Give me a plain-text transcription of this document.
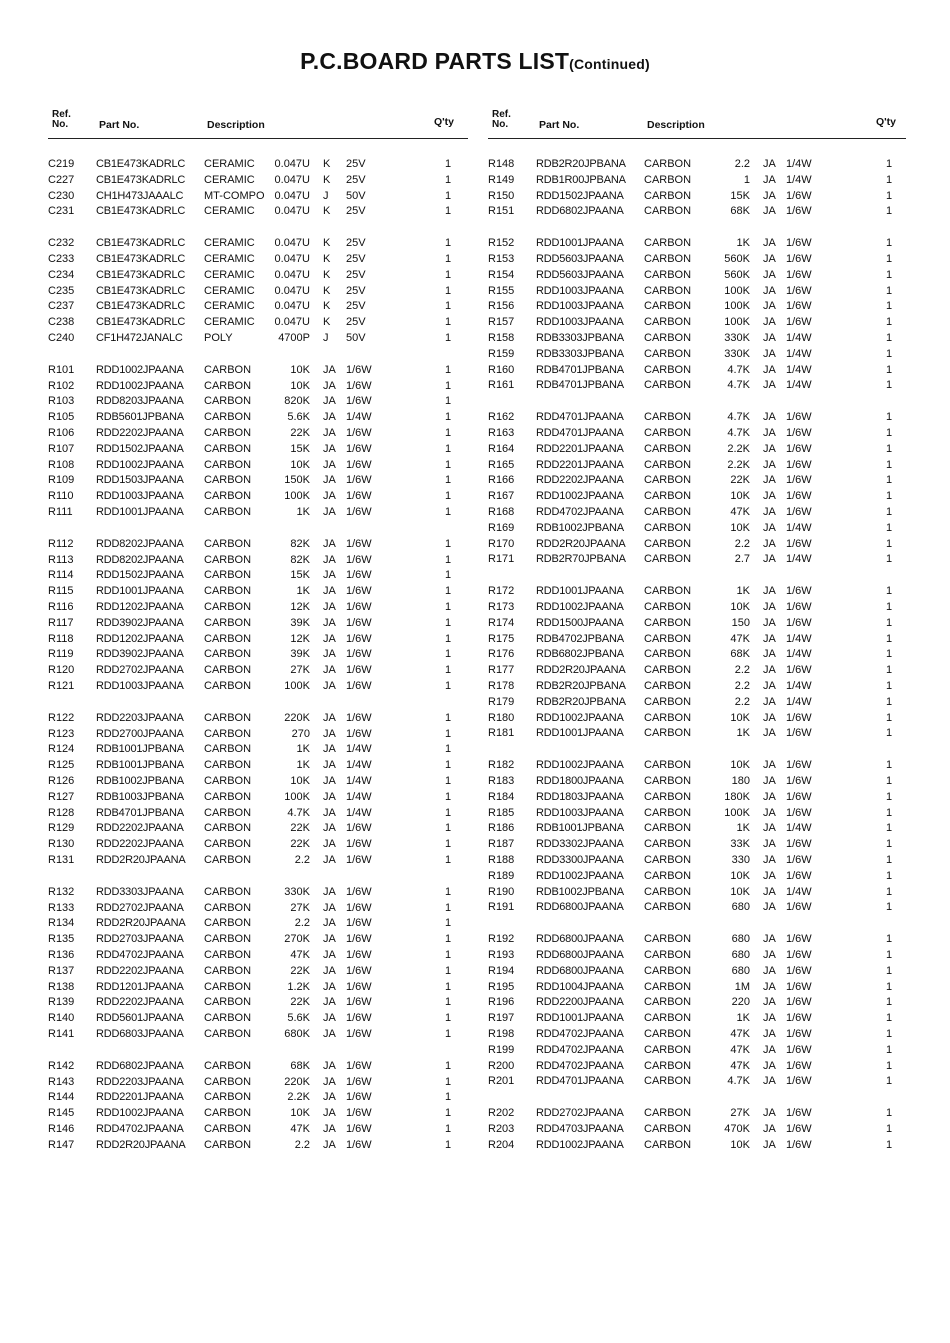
P.C.BOARD PARTS LIST(Continued)
Ref. No.	Part No.	Description	Q'ty
C219 CB1E473KADRLC CERAMIC	0.047U K 25V	1
C227 CB1E473KADRLC CERAMIC	0.047U K 25V	1
C230 CH1H473JAAALC MT-COMPO 0.047U J 50V	1
C231 CB1E473KADRLC CERAMIC	0.047U K 25V	1
C232 CB1E473KADRLC CERAMIC	0.047U K 25V	1
C233 CB1E473KADRLC CERAMIC	0.047U K 25V	1
C234 CB1E473KADRLC CERAMIC	0.047U K 25V	1
C235 CB1E473KADRLC CERAMIC	0.047U K 25V	1
C237 CB1E473KADRLC CERAMIC	0.047U K 25V	1
C238 CB1E473KADRLC CERAMIC	0.047U K 25V	1
C240 CF1H472JANALC POLY	4700P J 50V	1
R101 RDD1002JPAANA CARBON	10K JA 1/6W	1
R102 RDD1002JPAANA CARBON	10K JA 1/6W	1
R103 RDD8203JPAANA CARBON	820K JA 1/6W	1
R105 RDB5601JPBANA CARBON	5.6K JA 1/4W	1
R106 RDD2202JPAANA CARBON	22K JA 1/6W	1
R107 RDD1502JPAANA CARBON	15K JA 1/6W	1
R108 RDD1002JPAANA CARBON	10K JA 1/6W	1
R109 RDD1503JPAANA CARBON	150K JA 1/6W	1
R110 RDD1003JPAANA CARBON	100K JA 1/6W	1
R111 RDD1001JPAANA CARBON	1K JA 1/6W	1
R112 RDD8202JPAANA CARBON	82K JA 1/6W	1
R113 RDD8202JPAANA CARBON	82K JA 1/6W	1
R114 RDD1502JPAANA CARBON	15K JA 1/6W	1
R115 RDD1001JPAANA CARBON	1K JA 1/6W	1
R116 RDD1202JPAANA CARBON	12K JA 1/6W	1
R117 RDD3902JPAANA CARBON	39K JA 1/6W	1
R118 RDD1202JPAANA CARBON	12K JA 1/6W	1
R119 RDD3902JPAANA CARBON	39K JA 1/6W	1
R120 RDD2702JPAANA CARBON	27K JA 1/6W	1
R121 RDD1003JPAANA CARBON	100K JA 1/6W	1
R122 RDD2203JPAANA CARBON	220K JA 1/6W	1
R123 RDD2700JPAANA CARBON	270 JA 1/6W	1
R124 RDB1001JPBANA CARBON	1K JA 1/4W	1
R125 RDB1001JPBANA CARBON	1K JA 1/4W	1
R126 RDB1002JPBANA CARBON	10K JA 1/4W	1
R127 RDB1003JPBANA CARBON	100K JA 1/4W	1
R128 RDB4701JPBANA CARBON	4.7K JA 1/4W	1
R129 RDD2202JPAANA CARBON	22K JA 1/6W	1
R130 RDD2202JPAANA CARBON	22K JA 1/6W	1
R131 RDD2R20JPAANA CARBON	2.2 JA 1/6W	1
R132 RDD3303JPAANA CARBON	330K JA 1/6W	1
R133 RDD2702JPAANA CARBON	27K JA 1/6W	1
R134 RDD2R20JPAANA CARBON	2.2 JA 1/6W	1
R135 RDD2703JPAANA CARBON	270K JA 1/6W	1
R136 RDD4702JPAANA CARBON	47K JA 1/6W	1
R137 RDD2202JPAANA CARBON	22K JA 1/6W	1
R138 RDD1201JPAANA CARBON	1.2K JA 1/6W	1
R139 RDD2202JPAANA CARBON	22K JA 1/6W	1
R140 RDD5601JPAANA CARBON	5.6K JA 1/6W	1
R141 RDD6803JPAANA CARBON	680K JA 1/6W	1
R142 RDD6802JPAANA CARBON	68K JA 1/6W	1
R143 RDD2203JPAANA CARBON	220K JA 1/6W	1
R144 RDD2201JPAANA CARBON	2.2K JA 1/6W	1
R145 RDD1002JPAANA CARBON	10K JA 1/6W	1
R146 RDD4702JPAANA CARBON	47K JA 1/6W	1
R147 RDD2R20JPAANA CARBON	2.2 JA 1/6W	1
Ref. No.	Part No.	Description	Q'ty
R148 RDB2R20JPBANA CARBON	2.2 JA 1/4W	1
R149 RDB1R00JPBANA CARBON	1 JA 1/4W	1
R150 RDD1502JPAANA CARBON	15K JA 1/6W	1
R151 RDD6802JPAANA CARBON	68K JA 1/6W	1
R152 RDD1001JPAANA CARBON	1K JA 1/6W	1
R153 RDD5603JPAANA CARBON	560K JA 1/6W	1
R154 RDD5603JPAANA CARBON	560K JA 1/6W	1
R155 RDD1003JPAANA CARBON	100K JA 1/6W	1
R156 RDD1003JPAANA CARBON	100K JA 1/6W	1
R157 RDD1003JPAANA CARBON	100K JA 1/6W	1
R158 RDB3303JPBANA CARBON	330K JA 1/4W	1
R159 RDB3303JPBANA CARBON	330K JA 1/4W	1
R160 RDB4701JPBANA CARBON	4.7K JA 1/4W	1
R161 RDB4701JPBANA CARBON	4.7K JA 1/4W	1
R162 RDD4701JPAANA CARBON	4.7K JA 1/6W	1
R163 RDD4701JPAANA CARBON	4.7K JA 1/6W	1
R164 RDD2201JPAANA CARBON	2.2K JA 1/6W	1
R165 RDD2201JPAANA CARBON	2.2K JA 1/6W	1
R166 RDD2202JPAANA CARBON	22K JA 1/6W	1
R167 RDD1002JPAANA CARBON	10K JA 1/6W	1
R168 RDD4702JPAANA CARBON	47K JA 1/6W	1
R169 RDB1002JPBANA CARBON	10K JA 1/4W	1
R170 RDD2R20JPAANA CARBON	2.2 JA 1/6W	1
R171 RDB2R70JPBANA CARBON	2.7 JA 1/4W	1
R172 RDD1001JPAANA CARBON	1K JA 1/6W	1
R173 RDD1002JPAANA CARBON	10K JA 1/6W	1
R174 RDD1500JPAANA CARBON	150 JA 1/6W	1
R175 RDB4702JPBANA CARBON	47K JA 1/4W	1
R176 RDB6802JPBANA CARBON	68K JA 1/4W	1
R177 RDD2R20JPAANA CARBON	2.2 JA 1/6W	1
R178 RDB2R20JPBANA CARBON	2.2 JA 1/4W	1
R179 RDB2R20JPBANA CARBON	2.2 JA 1/4W	1
R180 RDD1002JPAANA CARBON	10K JA 1/6W	1
R181 RDD1001JPAANA CARBON	1K JA 1/6W	1
R182 RDD1002JPAANA CARBON	10K JA 1/6W	1
R183 RDD1800JPAANA CARBON	180 JA 1/6W	1
R184 RDD1803JPAANA CARBON	180K JA 1/6W	1
R185 RDD1003JPAANA CARBON	100K JA 1/6W	1
R186 RDB1001JPBANA CARBON	1K JA 1/4W	1
R187 RDD3302JPAANA CARBON	33K JA 1/6W	1
R188 RDD3300JPAANA CARBON	330 JA 1/6W	1
R189 RDD1002JPAANA CARBON	10K JA 1/6W	1
R190 RDB1002JPBANA CARBON	10K JA 1/4W	1
R191 RDD6800JPAANA CARBON	680 JA 1/6W	1
R192 RDD6800JPAANA CARBON	680 JA 1/6W	1
R193 RDD6800JPAANA CARBON	680 JA 1/6W	1
R194 RDD6800JPAANA CARBON	680 JA 1/6W	1
R195 RDD1004JPAANA CARBON	1M JA 1/6W	1
R196 RDD2200JPAANA CARBON	220 JA 1/6W	1
R197 RDD1001JPAANA CARBON	1K JA 1/6W	1
R198 RDD4702JPAANA CARBON	47K JA 1/6W	1
R199 RDD4702JPAANA CARBON	47K JA 1/6W	1
R200 RDD4702JPAANA CARBON	47K JA 1/6W	1
R201 RDD4701JPAANA CARBON	4.7K JA 1/6W	1
R202 RDD2702JPAANA CARBON	27K JA 1/6W	1
R203 RDD4703JPAANA CARBON	470K JA 1/6W	1
R204 RDD1002JPAANA CARBON	10K JA 1/6W	1
